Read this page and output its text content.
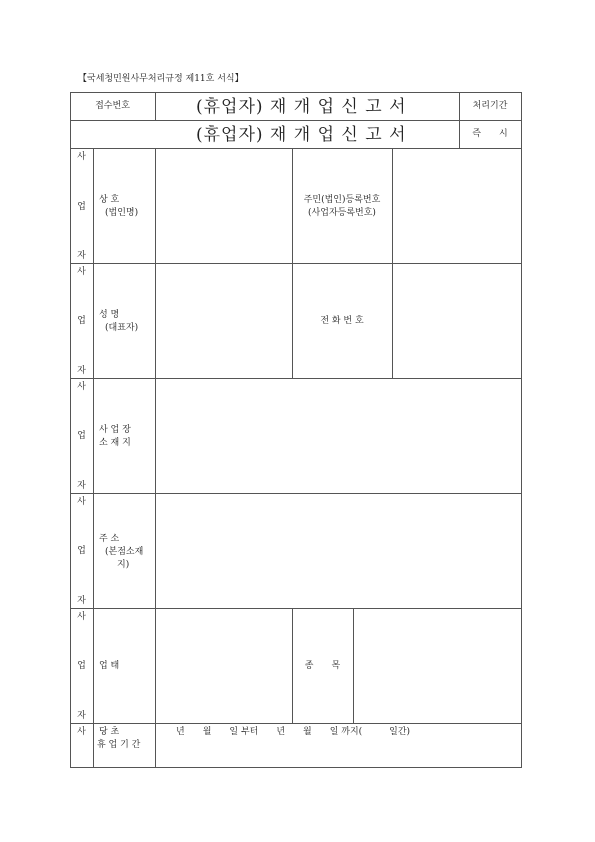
【국세청민원사무처리규정 제11호 서식】
접수번호	(휴업자) 재 개 업 신 고 서
(휴업자) 재 개 업 신 고 서
처리기간
즉　　시
사
업
자
사
업
자
사
업
자
사
업
자
사
업
자
사
상 호
(법인명)
주민(법인)등록번호
(사업자등록번호)
성 명
(대표자)
전 화 번 호
사 업 장
소 재 지
주 소
(본점소재
지)
업 태	종　　목
당 초
휴 업 기 간
년　　월　　일 부터　　년　　월　　일 까지(　　　일간)
